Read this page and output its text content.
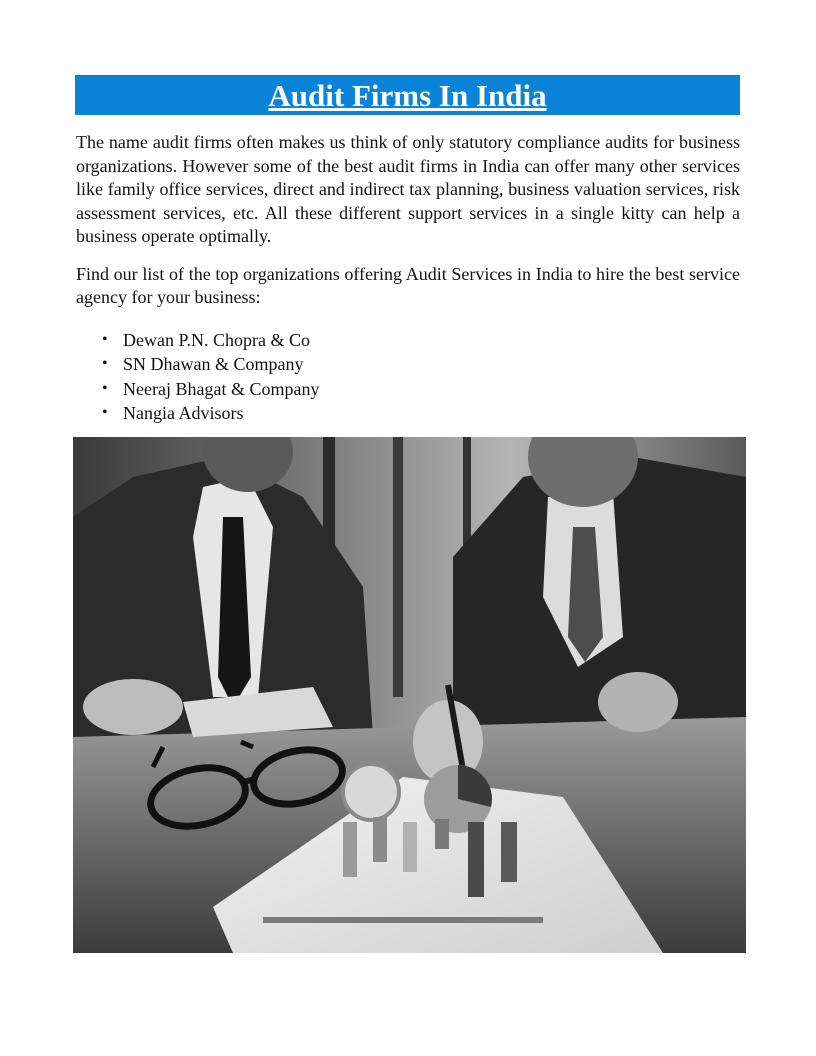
Audit Firms In India

The name audit firms often makes us think of only statutory compliance audits for business organizations. However some of the best audit firms in India can offer many other services like family office services, direct and indirect tax planning, business valuation services, risk assessment services, etc. All these different support services in a single kitty can help a business operate optimally.

Find our list of the top organizations offering Audit Services in India to hire the best service agency for your business:

• Dewan P.N. Chopra & Co
• SN Dhawan & Company
• Neeraj Bhagat & Company
• Nangia Advisors
